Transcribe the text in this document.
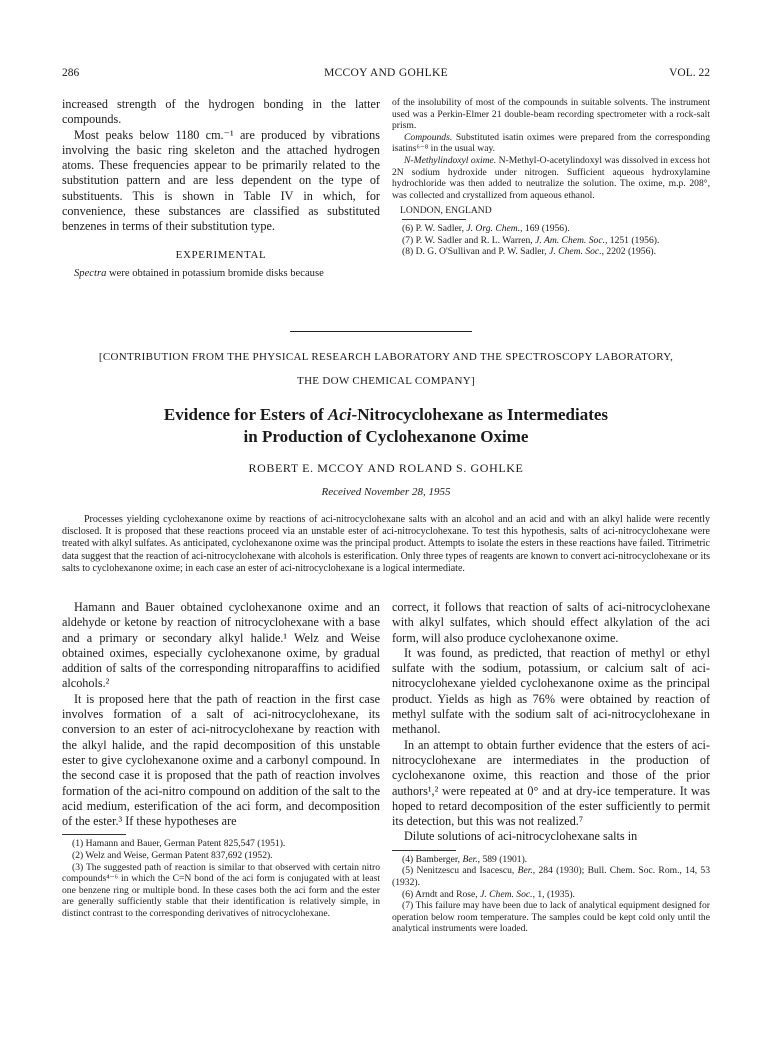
286	MCCOY AND GOHLKE	VOL. 22

increased strength of the hydrogen bonding in the latter compounds.

Most peaks below 1180 cm.⁻¹ are produced by vibrations involving the basic ring skeleton and the attached hydrogen atoms. These frequencies appear to be primarily related to the substitution pattern and are less dependent on the type of substituents. This is shown in Table IV in which, for convenience, these substances are classified as substituted benzenes in terms of their substitution type.

EXPERIMENTAL

Spectra were obtained in potassium bromide disks because

of the insolubility of most of the compounds in suitable solvents. The instrument used was a Perkin-Elmer 21 double-beam recording spectrometer with a rock-salt prism.

Compounds. Substituted isatin oximes were prepared from the corresponding isatins⁶⁻⁸ in the usual way.

N-Methylindoxyl oxime. N-Methyl-O-acetylindoxyl was dissolved in excess hot 2N sodium hydroxide under nitrogen. Sufficient aqueous hydroxylamine hydrochloride was then added to neutralize the solution. The oxime, m.p. 208°, was collected and crystallized from aqueous ethanol.

LONDON, ENGLAND

(6) P. W. Sadler, J. Org. Chem., 169 (1956).

(7) P. W. Sadler and R. L. Warren, J. Am. Chem. Soc., 1251 (1956).

(8) D. G. O'Sullivan and P. W. Sadler, J. Chem. Soc., 2202 (1956).

[CONTRIBUTION FROM THE PHYSICAL RESEARCH LABORATORY AND THE SPECTROSCOPY LABORATORY,
THE DOW CHEMICAL COMPANY]
Evidence for Esters of Aci-Nitrocyclohexane as Intermediates
in Production of Cyclohexanone Oxime
ROBERT E. MCCOY AND ROLAND S. GOHLKE
Received November 28, 1955

Processes yielding cyclohexanone oxime by reactions of aci-nitrocyclohexane salts with an alcohol and an acid and with an alkyl halide were recently disclosed. It is proposed that these reactions proceed via an unstable ester of aci-nitrocyclohexane. To test this hypothesis, salts of aci-nitrocyclohexane were treated with alkyl sulfates. As anticipated, cyclohexanone oxime was the principal product. Attempts to isolate the esters in these reactions have failed. Titrimetric data suggest that the reaction of aci-nitrocyclohexane with alcohols is esterification. Only three types of reagents are known to convert aci-nitrocyclohexane or its salts to cyclohexanone oxime; in each case an ester of aci-nitrocyclohexane is a logical intermediate.

Hamann and Bauer obtained cyclohexanone oxime and an aldehyde or ketone by reaction of nitrocyclohexane with a base and a primary or secondary alkyl halide.¹ Welz and Weise obtained oximes, especially cyclohexanone oxime, by gradual addition of salts of the corresponding nitroparaffins to acidified alcohols.²

It is proposed here that the path of reaction in the first case involves formation of a salt of aci-nitrocyclohexane, its conversion to an ester of aci-nitrocyclohexane by reaction with the alkyl halide, and the rapid decomposition of this unstable ester to give cyclohexanone oxime and a carbonyl compound. In the second case it is proposed that the path of reaction involves formation of the aci-nitro compound on addition of the salt to the acid medium, esterification of the aci form, and decomposition of the ester.³ If these hypotheses are

(1) Hamann and Bauer, German Patent 825,547 (1951).

(2) Welz and Weise, German Patent 837,692 (1952).

(3) The suggested path of reaction is similar to that observed with certain nitro compounds⁴⁻⁶ in which the C=N bond of the aci form is conjugated with at least one benzene ring or multiple bond. In these cases both the aci form and the ester are generally sufficiently stable that their identification is relatively simple, in distinct contrast to the corresponding derivatives of nitrocyclohexane.

correct, it follows that reaction of salts of aci-nitrocyclohexane with alkyl sulfates, which should effect alkylation of the aci form, will also produce cyclohexanone oxime.

It was found, as predicted, that reaction of methyl or ethyl sulfate with the sodium, potassium, or calcium salt of aci-nitrocyclohexane yielded cyclohexanone oxime as the principal product. Yields as high as 76% were obtained by reaction of methyl sulfate with the sodium salt of aci-nitrocyclohexane in methanol.

In an attempt to obtain further evidence that the esters of aci-nitrocyclohexane are intermediates in the production of cyclohexanone oxime, this reaction and those of the prior authors¹,² were repeated at 0° and at dry-ice temperature. It was hoped to retard decomposition of the ester sufficiently to permit its detection, but this was not realized.⁷

Dilute solutions of aci-nitrocyclohexane salts in

(4) Bamberger, Ber., 589 (1901).

(5) Nenitzescu and Isacescu, Ber., 284 (1930); Bull. Chem. Soc. Rom., 14, 53 (1932).

(6) Arndt and Rose, J. Chem. Soc., 1, (1935).

(7) This failure may have been due to lack of analytical equipment designed for operation below room temperature. The samples could be kept cold only until the analytical instruments were loaded.
